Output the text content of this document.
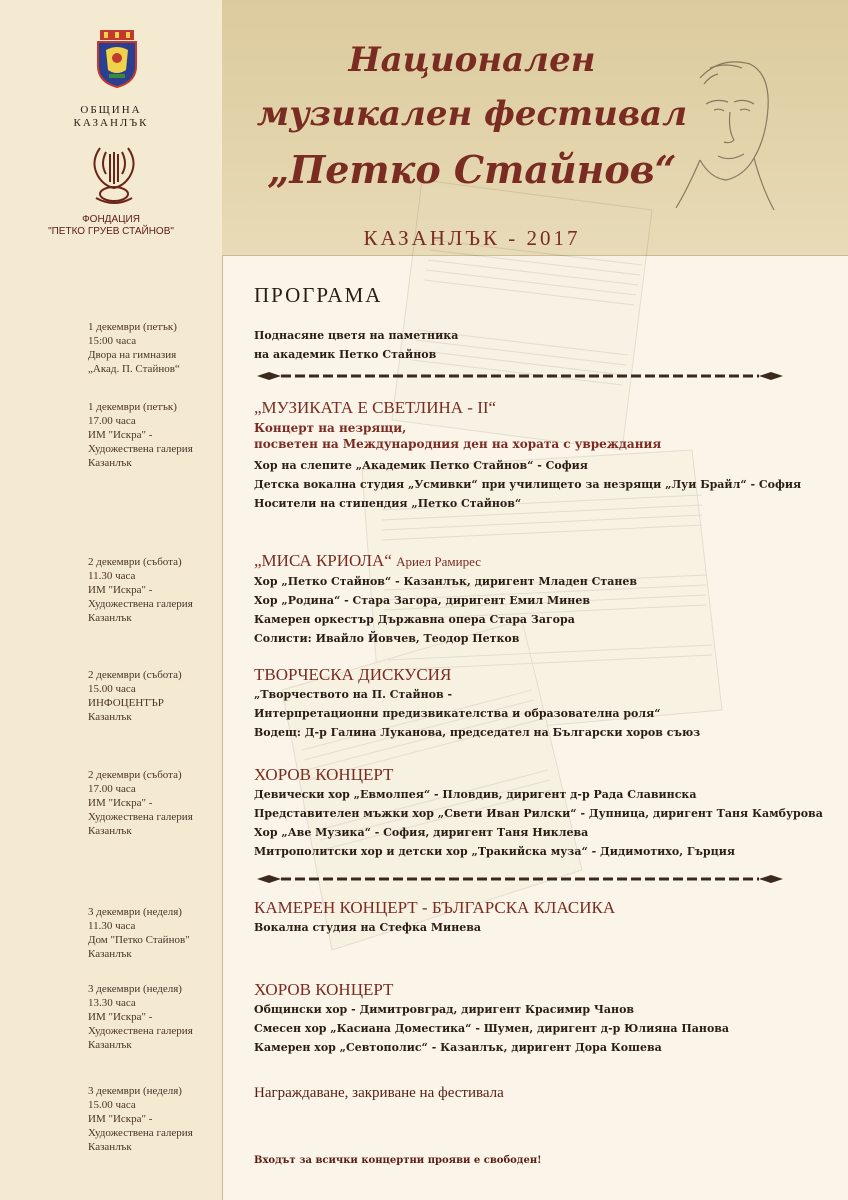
ОБЩИНА
КАЗАНЛЪК
ФОНДАЦИЯ
"ПЕТКО ГРУЕВ СТАЙНОВ"
Национален
музикален фестивал
„Петко Стайнов“
КАЗАНЛЪК - 2017
ПРОГРАМА
1 декември (петък)
15:00 часа
Двора на гимназия
„Акад. П. Стайнов“
Поднасяне цветя на паметника
на академик Петко Стайнов
1 декември (петък)
17.00 часа
ИМ "Искра" -
Художествена галерия
Казанлък
„МУЗИКАТА Е СВЕТЛИНА - II“
Концерт на незрящи,
посветен на Международния ден на хората с увреждания
Хор на слепите „Академик Петко Стайнов“ - София
Детска вокална студия „Усмивки“ при училището за незрящи „Луи Брайл“ - София
Носители на стипендия „Петко Стайнов“
2 декември (събота)
11.30 часа
ИМ "Искра" -
Художествена галерия
Казанлък
„МИСА КРИОЛА“ Ариел Рамирес
Хор „Петко Стайнов“ - Казанлък, диригент Младен Станев
Хор „Родина“ - Стара Загора, диригент Емил Минев
Камерен оркестър Държавна опера Стара Загора
Солисти: Ивайло Йовчев, Теодор Петков
2 декември (събота)
15.00 часа
ИНФОЦЕНТЪР
Казанлък
ТВОРЧЕСКА ДИСКУСИЯ
„Творчеството на П. Стайнов -
Интерпретационни предизвикателства и образователна роля“
Водещ: Д-р Галина Луканова, председател на Български хоров съюз
2 декември (събота)
17.00 часа
ИМ "Искра" -
Художествена галерия
Казанлък
ХОРОВ КОНЦЕРТ
Девически хор „Евмолпея“ - Пловдив, диригент д-р Рада Славинска
Представителен мъжки хор „Свети Иван Рилски“ - Дупница, диригент Таня Камбурова
Хор „Аве Музика“ - София, диригент Таня Никлева
Митрополитски хор и детски хор „Тракийска муза“ - Дидимотихо, Гърция
3 декември (неделя)
11.30 часа
Дом "Петко Стайнов"
Казанлък
КАМЕРЕН КОНЦЕРТ - БЪЛГАРСКА КЛАСИКА
Вокална студия на Стефка Минева
3 декември (неделя)
13.30 часа
ИМ "Искра" -
Художествена галерия
Казанлък
ХОРОВ КОНЦЕРТ
Общински хор - Димитровград, диригент Красимир Чанов
Смесен хор „Касиана Доместика“ - Шумен, диригент д-р Юлияна Панова
Камерен хор „Севтополис“ - Казанлък, диригент Дора Кошева
3 декември (неделя)
15.00 часа
ИМ "Искра" -
Художествена галерия
Казанлък
Награждаване, закриване на фестивала
Входът за всички концертни прояви е свободен!
